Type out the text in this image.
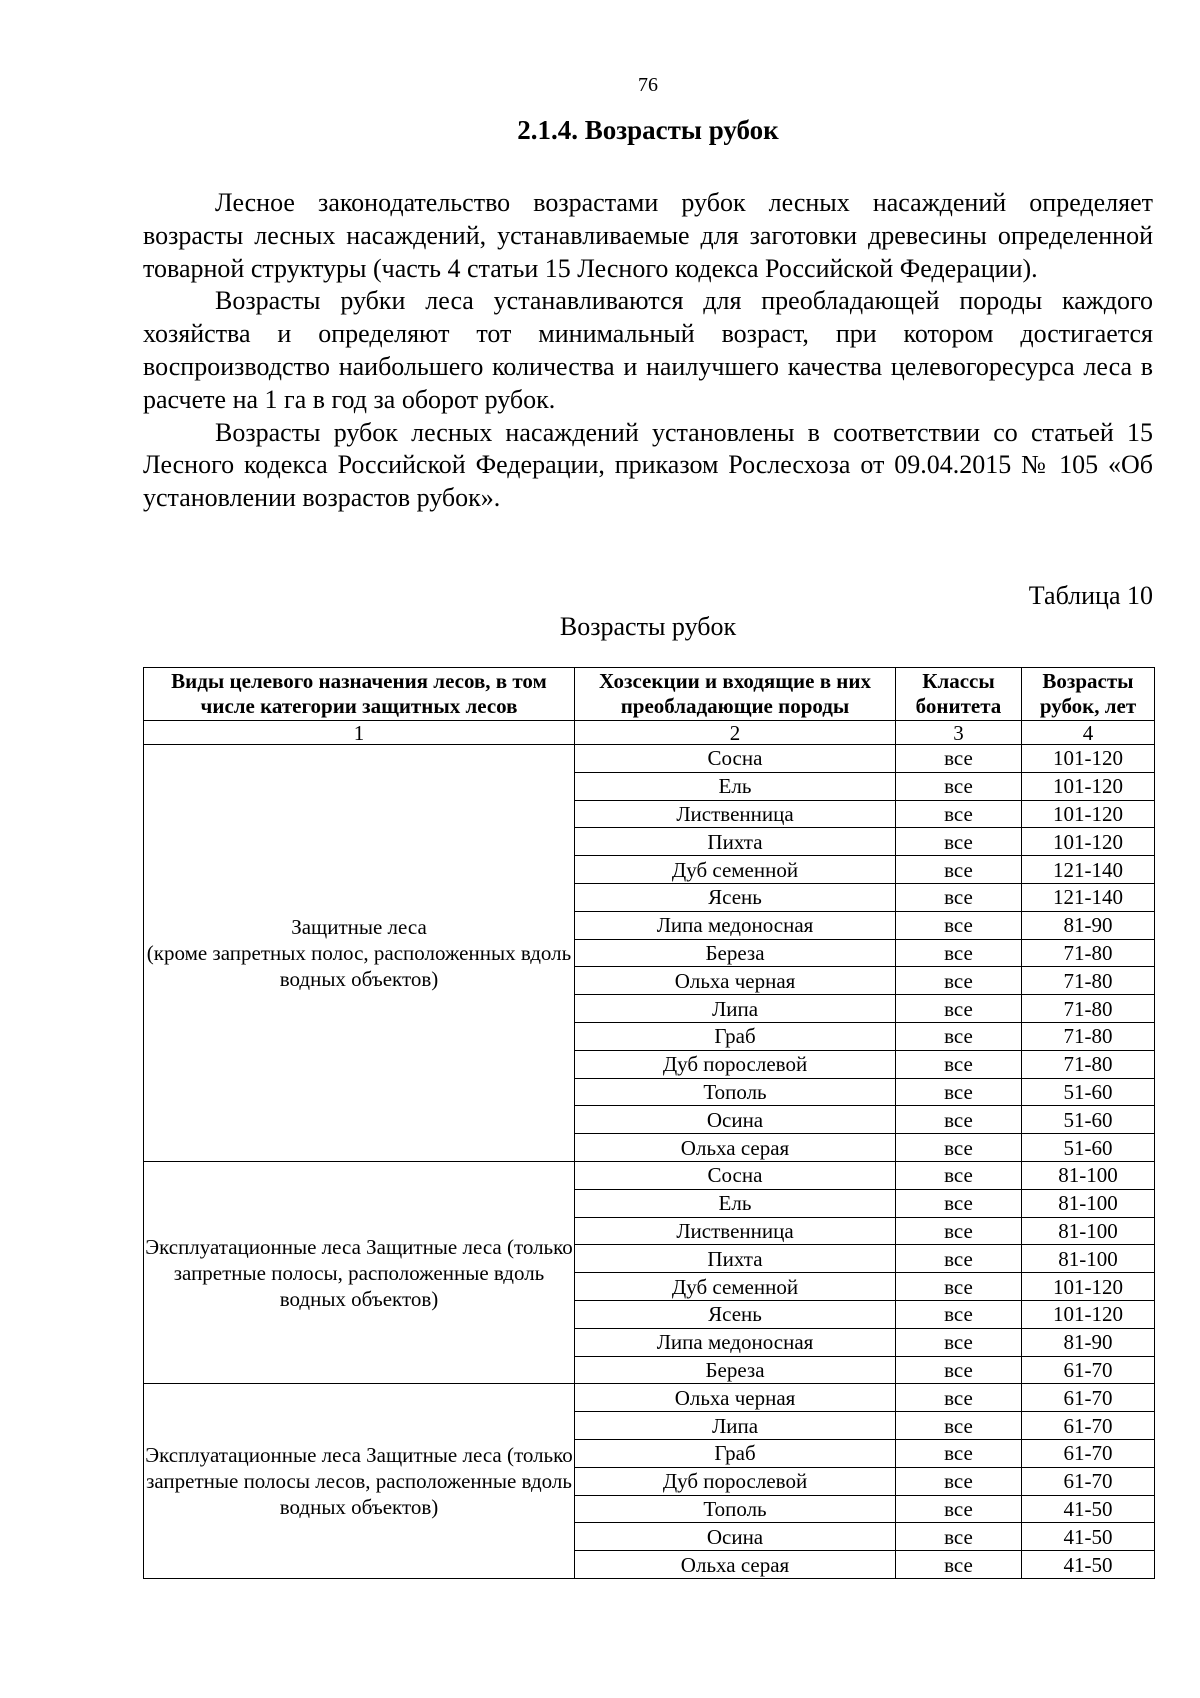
76
2.1.4. Возрасты рубок

Лесное законодательство возрастами рубок лесных насаждений определяет возрасты лесных насаждений, устанавливаемые для заготовки древесины определенной товарной структуры (часть 4 статьи 15 Лесного кодекса Российской Федерации).

Возрасты рубки леса устанавливаются для преобладающей породы каждого хозяйства и определяют тот минимальный возраст, при котором достигается воспроизводство наибольшего количества и наилучшего качества целевогоресурса леса в расчете на 1 га в год за оборот рубок.

Возрасты рубок лесных насаждений установлены в соответствии со статьей 15 Лесного кодекса Российской Федерации, приказом Рослесхоза от 09.04.2015 № 105 «Об установлении возрастов рубок».

Таблица 10
Возрасты рубок
Виды целевого назначения лесов, в том числе категории защитных лесов	Хозсекции и входящие в них преобладающие породы	Классы бонитета	Возрасты рубок, лет
1	2	3	4
Защитные леса
(кроме запретных полос, расположенных вдоль водных объектов)	Сосна	все	101-120
	Ель	все	101-120
	Лиственница	все	101-120
	Пихта	все	101-120
	Дуб семенной	все	121-140
	Ясень	все	121-140
	Липа медоносная	все	81-90
	Береза	все	71-80
	Ольха черная	все	71-80
	Липа	все	71-80
	Граб	все	71-80
	Дуб порослевой	все	71-80
	Тополь	все	51-60
	Осина	все	51-60
	Ольха серая	все	51-60
Эксплуатационные леса Защитные леса (только запретные полосы, расположенные вдоль водных объектов)	Сосна	все	81-100
	Ель	все	81-100
	Лиственница	все	81-100
	Пихта	все	81-100
	Дуб семенной	все	101-120
	Ясень	все	101-120
	Липа медоносная	все	81-90
	Береза	все	61-70
Эксплуатационные леса Защитные леса (только запретные полосы лесов, расположенные вдоль водных объектов)	Ольха черная	все	61-70
	Липа	все	61-70
	Граб	все	61-70
	Дуб порослевой	все	61-70
	Тополь	все	41-50
	Осина	все	41-50
	Ольха серая	все	41-50
